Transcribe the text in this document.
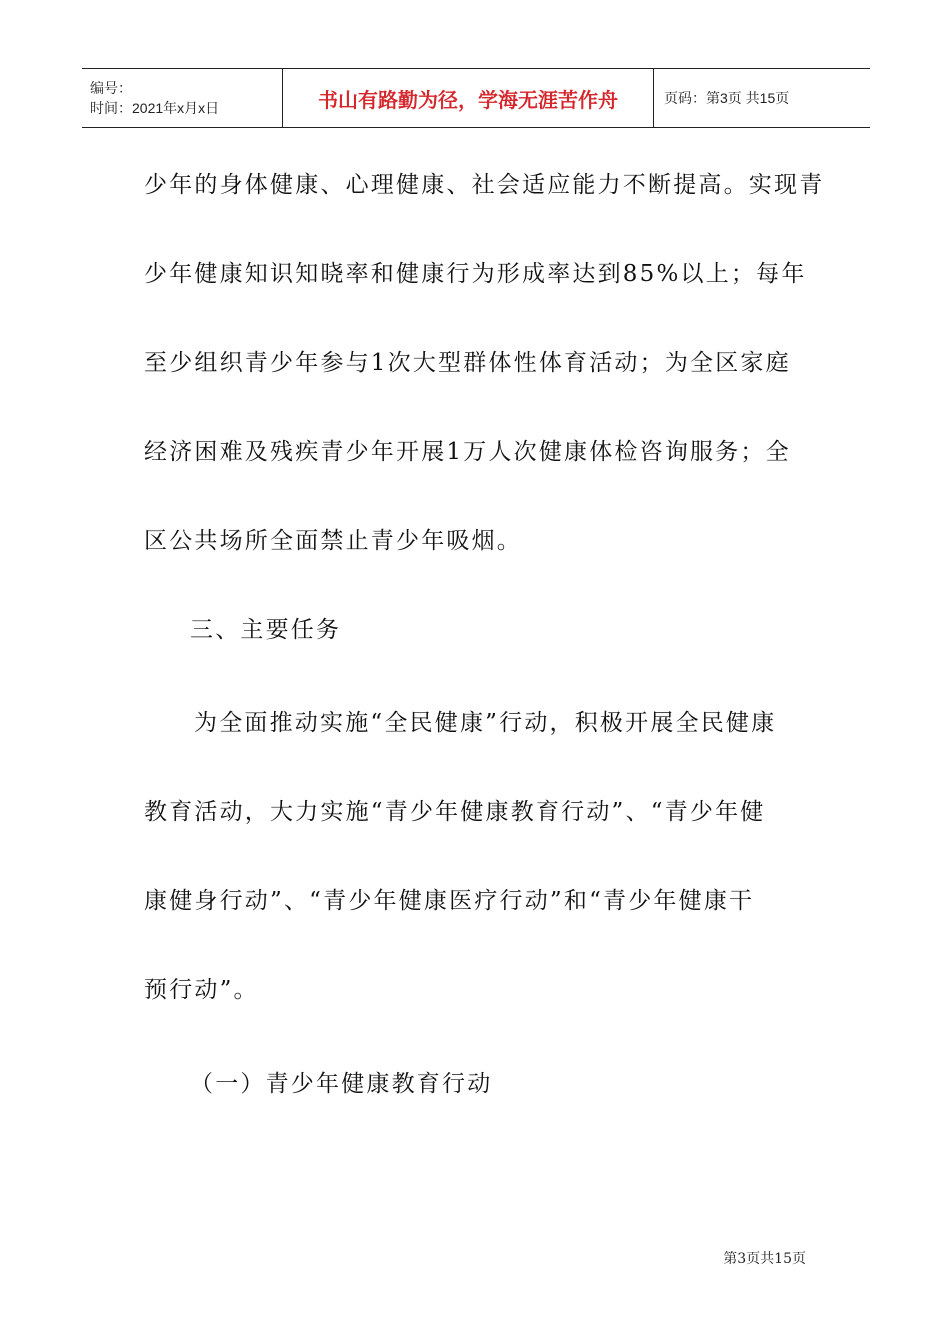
编号：
时间：2021年x月x日	书山有路勤为径，学海无涯苦作舟	页码：第3页 共15页
少年的身体健康、心理健康、社会适应能力不断提高。实现青
少年健康知识知晓率和健康行为形成率达到85%以上；每年
至少组织青少年参与1次大型群体性体育活动；为全区家庭
经济困难及残疾青少年开展1万人次健康体检咨询服务；全
区公共场所全面禁止青少年吸烟。
三、主要任务
为全面推动实施“全民健康”行动，积极开展全民健康
教育活动，大力实施“青少年健康教育行动”、“青少年健
康健身行动”、“青少年健康医疗行动”和“青少年健康干
预行动”。
（一）青少年健康教育行动
第3页共15页
